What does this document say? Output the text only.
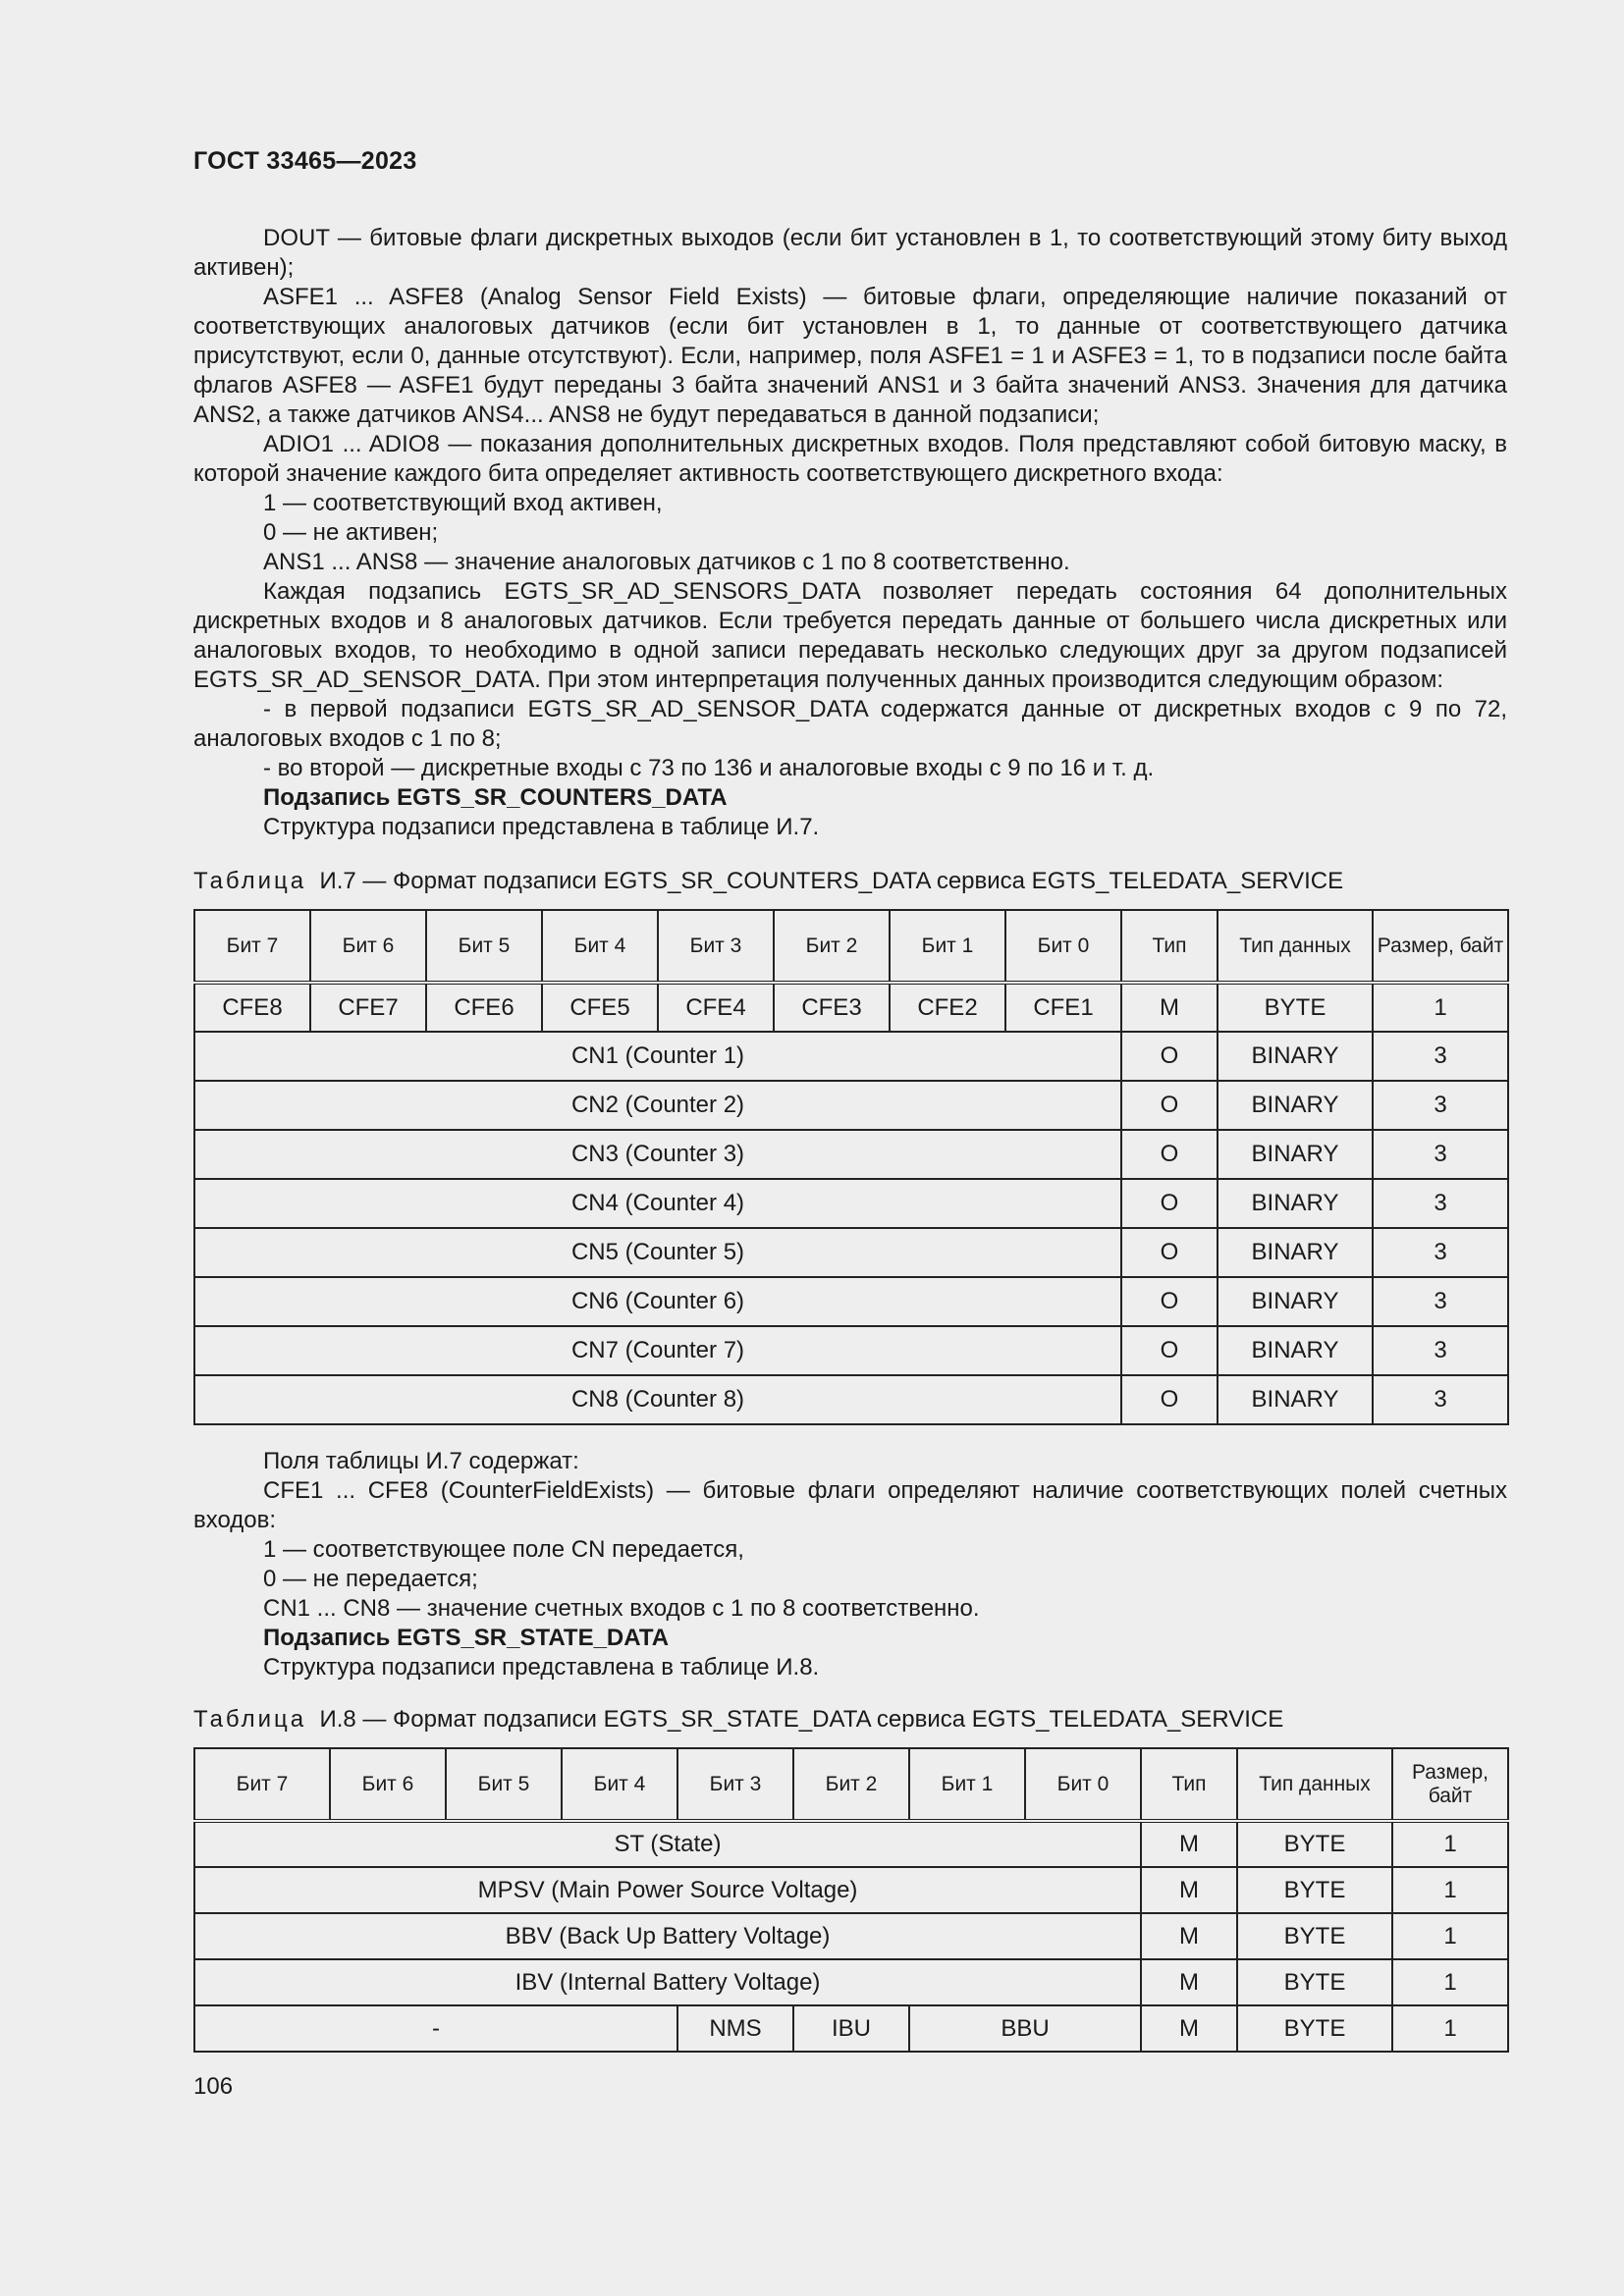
ГОСТ 33465—2023

DOUT — битовые флаги дискретных выходов (если бит установлен в 1, то соответствующий этому биту выход активен);

ASFE1 ... ASFE8 (Analog Sensor Field Exists) — битовые флаги, определяющие наличие показаний от соответствующих аналоговых датчиков (если бит установлен в 1, то данные от соответствующего датчика присутствуют, если 0, данные отсутствуют). Если, например, поля ASFE1 = 1 и ASFE3 = 1, то в подзаписи после байта флагов ASFE8 — ASFE1 будут переданы 3 байта значений ANS1 и 3 байта значений ANS3. Значения для датчика ANS2, а также датчиков ANS4... ANS8 не будут передаваться в данной подзаписи;

ADIO1 ... ADIO8 — показания дополнительных дискретных входов. Поля представляют собой битовую маску, в которой значение каждого бита определяет активность соответствующего дискретного входа:

1 — соответствующий вход активен,

0 — не активен;

ANS1 ... ANS8 — значение аналоговых датчиков с 1 по 8 соответственно.

Каждая подзапись EGTS_SR_AD_SENSORS_DATA позволяет передать состояния 64 дополнительных дискретных входов и 8 аналоговых датчиков. Если требуется передать данные от большего числа дискретных или аналоговых входов, то необходимо в одной записи передавать несколько следующих друг за другом подзаписей EGTS_SR_AD_SENSOR_DATA. При этом интерпретация полученных данных производится следующим образом:

- в первой подзаписи EGTS_SR_AD_SENSOR_DATA содержатся данные от дискретных входов с 9 по 72, аналоговых входов с 1 по 8;

- во второй — дискретные входы с 73 по 136 и аналоговые входы с 9 по 16 и т. д.

Подзапись EGTS_SR_COUNTERS_DATA

Структура подзаписи представлена в таблице И.7.

Таблица И.7 — Формат подзаписи EGTS_SR_COUNTERS_DATA сервиса EGTS_TELEDATA_SERVICE
Бит 7	Бит 6	Бит 5	Бит 4	Бит 3	Бит 2	Бит 1	Бит 0	Тип	Тип данных	Размер, байт
CFE8	CFE7	CFE6	CFE5	CFE4	CFE3	CFE2	CFE1	M	BYTE	1
CN1 (Counter 1)								O	BINARY	3
CN2 (Counter 2)								O	BINARY	3
CN3 (Counter 3)								O	BINARY	3
CN4 (Counter 4)								O	BINARY	3
CN5 (Counter 5)								O	BINARY	3
CN6 (Counter 6)								O	BINARY	3
CN7 (Counter 7)								O	BINARY	3
CN8 (Counter 8)								O	BINARY	3

Поля таблицы И.7 содержат:

CFE1 ... CFE8 (CounterFieldExists) — битовые флаги определяют наличие соответствующих полей счетных входов:

1 — соответствующее поле CN передается,

0 — не передается;

CN1 ... CN8 — значение счетных входов с 1 по 8 соответственно.

Подзапись EGTS_SR_STATE_DATA

Структура подзаписи представлена в таблице И.8.

Таблица И.8 — Формат подзаписи EGTS_SR_STATE_DATA сервиса EGTS_TELEDATA_SERVICE
Бит 7	Бит 6	Бит 5	Бит 4	Бит 3	Бит 2	Бит 1	Бит 0	Тип	Тип данных	Размер, байт
ST (State)								M	BYTE	1
MPSV (Main Power Source Voltage)								M	BYTE	1
BBV (Back Up Battery Voltage)								M	BYTE	1
IBV (Internal Battery Voltage)								M	BYTE	1
-				NMS	IBU	BBU		M	BYTE	1
106
